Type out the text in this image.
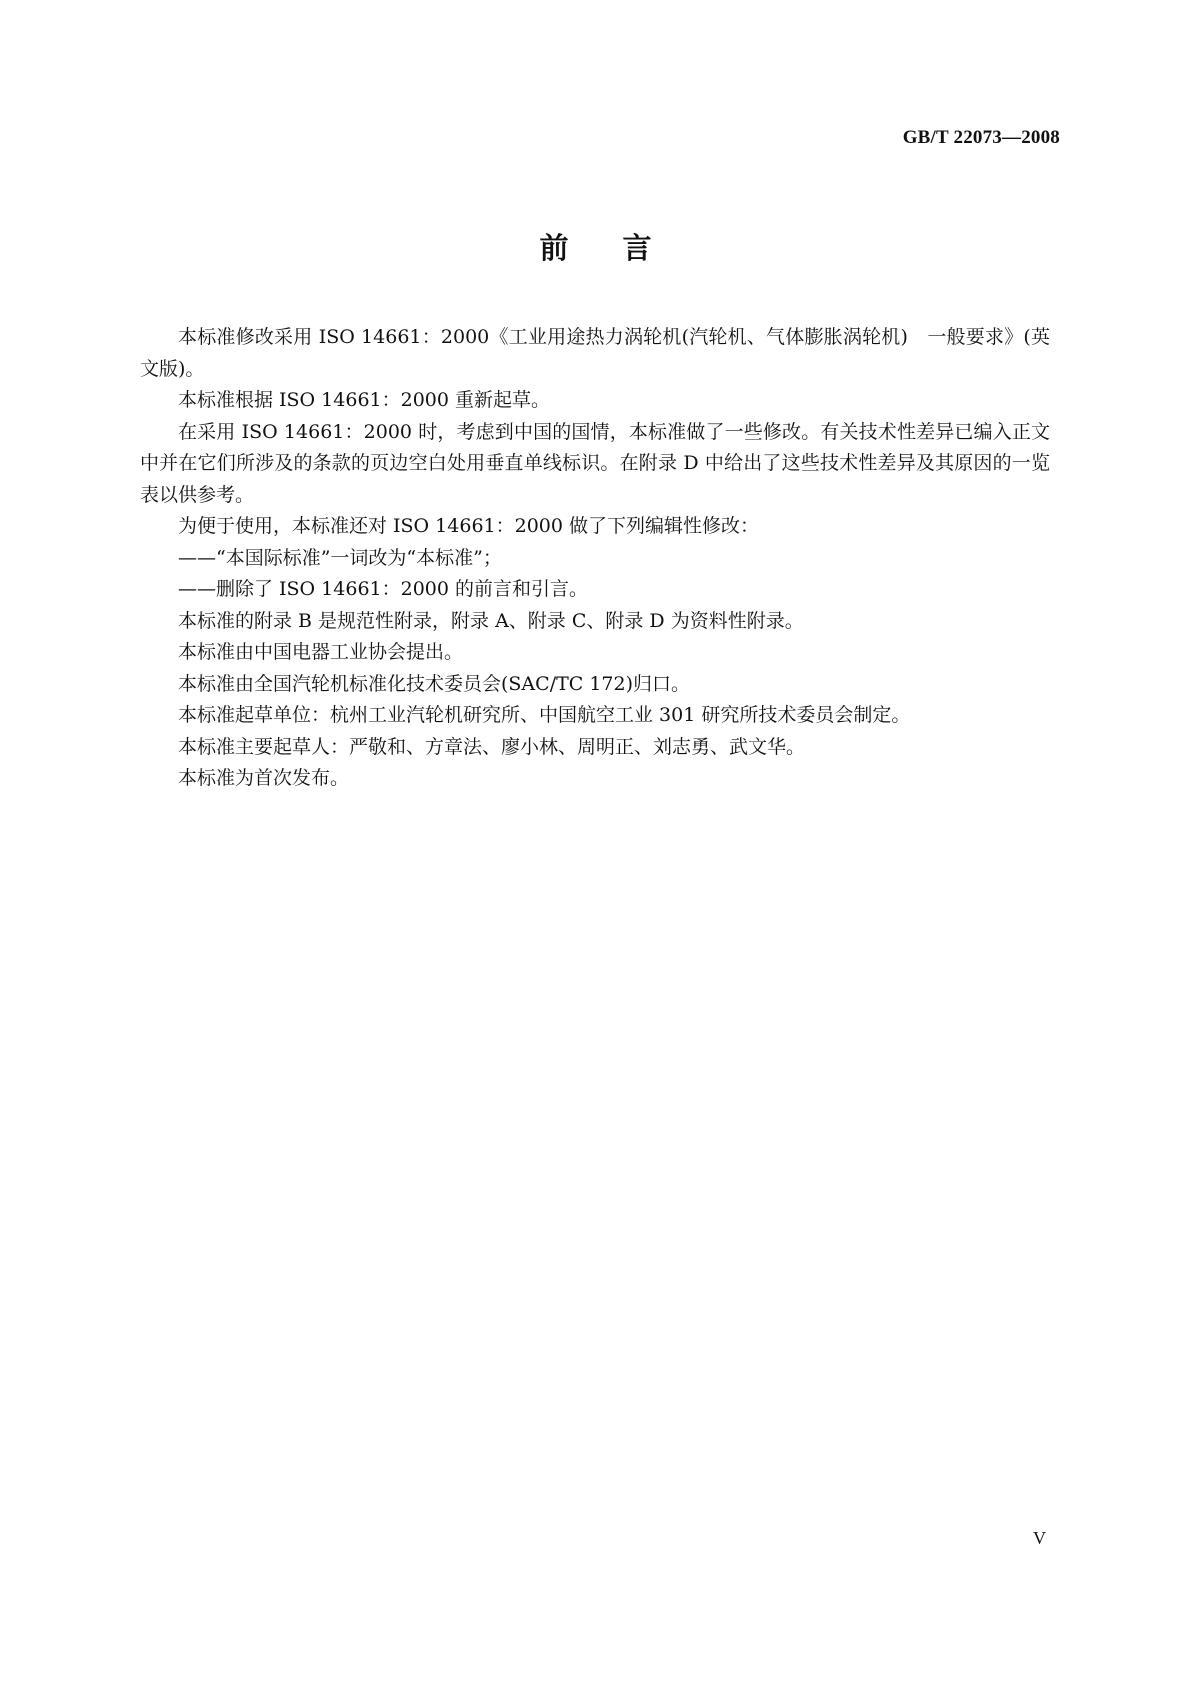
GB/T 22073—2008
前言

本标准修改采用 ISO 14661：2000《工业用途热力涡轮机(汽轮机、气体膨胀涡轮机)　一般要求》(英文版)。

本标准根据 ISO 14661：2000 重新起草。

在采用 ISO 14661：2000 时，考虑到中国的国情，本标准做了一些修改。有关技术性差异已编入正文中并在它们所涉及的条款的页边空白处用垂直单线标识。在附录 D 中给出了这些技术性差异及其原因的一览表以供参考。

为便于使用，本标准还对 ISO 14661：2000 做了下列编辑性修改：

——“本国际标准”一词改为“本标准”；

——删除了 ISO 14661：2000 的前言和引言。

本标准的附录 B 是规范性附录，附录 A、附录 C、附录 D 为资料性附录。

本标准由中国电器工业协会提出。

本标准由全国汽轮机标准化技术委员会(SAC/TC 172)归口。

本标准起草单位：杭州工业汽轮机研究所、中国航空工业 301 研究所技术委员会制定。

本标准主要起草人：严敬和、方章法、廖小林、周明正、刘志勇、武文华。

本标准为首次发布。

V
